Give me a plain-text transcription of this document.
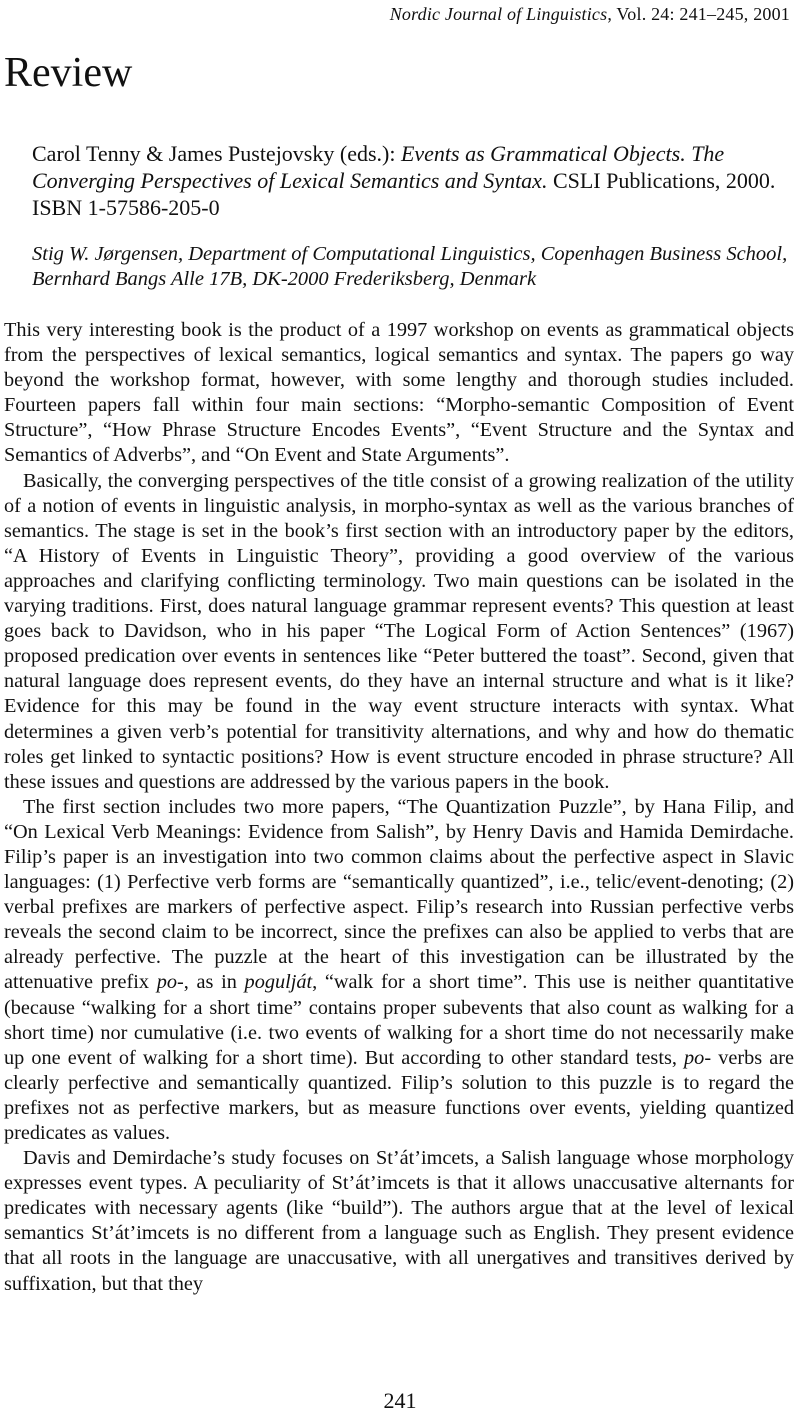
Nordic Journal of Linguistics, Vol. 24: 241–245, 2001
Review
Carol Tenny & James Pustejovsky (eds.): Events as Grammatical Objects. The Converging Perspectives of Lexical Semantics and Syntax. CSLI Publications, 2000. ISBN 1-57586-205-0
Stig W. Jørgensen, Department of Computational Linguistics, Copenhagen Business School, Bernhard Bangs Alle 17B, DK-2000 Frederiksberg, Denmark

This very interesting book is the product of a 1997 workshop on events as grammatical objects from the perspectives of lexical semantics, logical semantics and syntax. The papers go way beyond the workshop format, however, with some lengthy and thorough studies included. Fourteen papers fall within four main sections: “Morpho-semantic Composition of Event Structure”, “How Phrase Structure Encodes Events”, “Event Structure and the Syntax and Semantics of Adverbs”, and “On Event and State Arguments”.

Basically, the converging perspectives of the title consist of a growing realization of the utility of a notion of events in linguistic analysis, in morpho-syntax as well as the various branches of semantics. The stage is set in the book’s first section with an introductory paper by the editors, “A History of Events in Linguistic Theory”, providing a good overview of the various approaches and clarifying conflicting terminology. Two main questions can be isolated in the varying traditions. First, does natural language grammar represent events? This question at least goes back to Davidson, who in his paper “The Logical Form of Action Sentences” (1967) proposed predication over events in sentences like “Peter buttered the toast”. Second, given that natural language does represent events, do they have an internal structure and what is it like? Evidence for this may be found in the way event structure interacts with syntax. What determines a given verb’s potential for transitivity alternations, and why and how do thematic roles get linked to syntactic positions? How is event structure encoded in phrase structure? All these issues and questions are addressed by the various papers in the book.

The first section includes two more papers, “The Quantization Puzzle”, by Hana Filip, and “On Lexical Verb Meanings: Evidence from Salish”, by Henry Davis and Hamida Demirdache. Filip’s paper is an investigation into two common claims about the perfective aspect in Slavic languages: (1) Perfective verb forms are “semantically quantized”, i.e., telic/event-denoting; (2) verbal prefixes are markers of perfective aspect. Filip’s research into Russian perfective verbs reveals the second claim to be incorrect, since the prefixes can also be applied to verbs that are already perfective. The puzzle at the heart of this investigation can be illustrated by the attenuative prefix po-, as in pogulját, “walk for a short time”. This use is neither quantitative (because “walking for a short time” contains proper subevents that also count as walking for a short time) nor cumulative (i.e. two events of walking for a short time do not necessarily make up one event of walking for a short time). But according to other standard tests, po- verbs are clearly perfective and semantically quantized. Filip’s solution to this puzzle is to regard the prefixes not as perfective markers, but as measure functions over events, yielding quantized predicates as values.

Davis and Demirdache’s study focuses on St’át’imcets, a Salish language whose morphology expresses event types. A peculiarity of St’át’imcets is that it allows unaccusative alternants for predicates with necessary agents (like “build”). The authors argue that at the level of lexical semantics St’át’imcets is no different from a language such as English. They present evidence that all roots in the language are unaccusative, with all unergatives and transitives derived by suffixation, but that they

241
